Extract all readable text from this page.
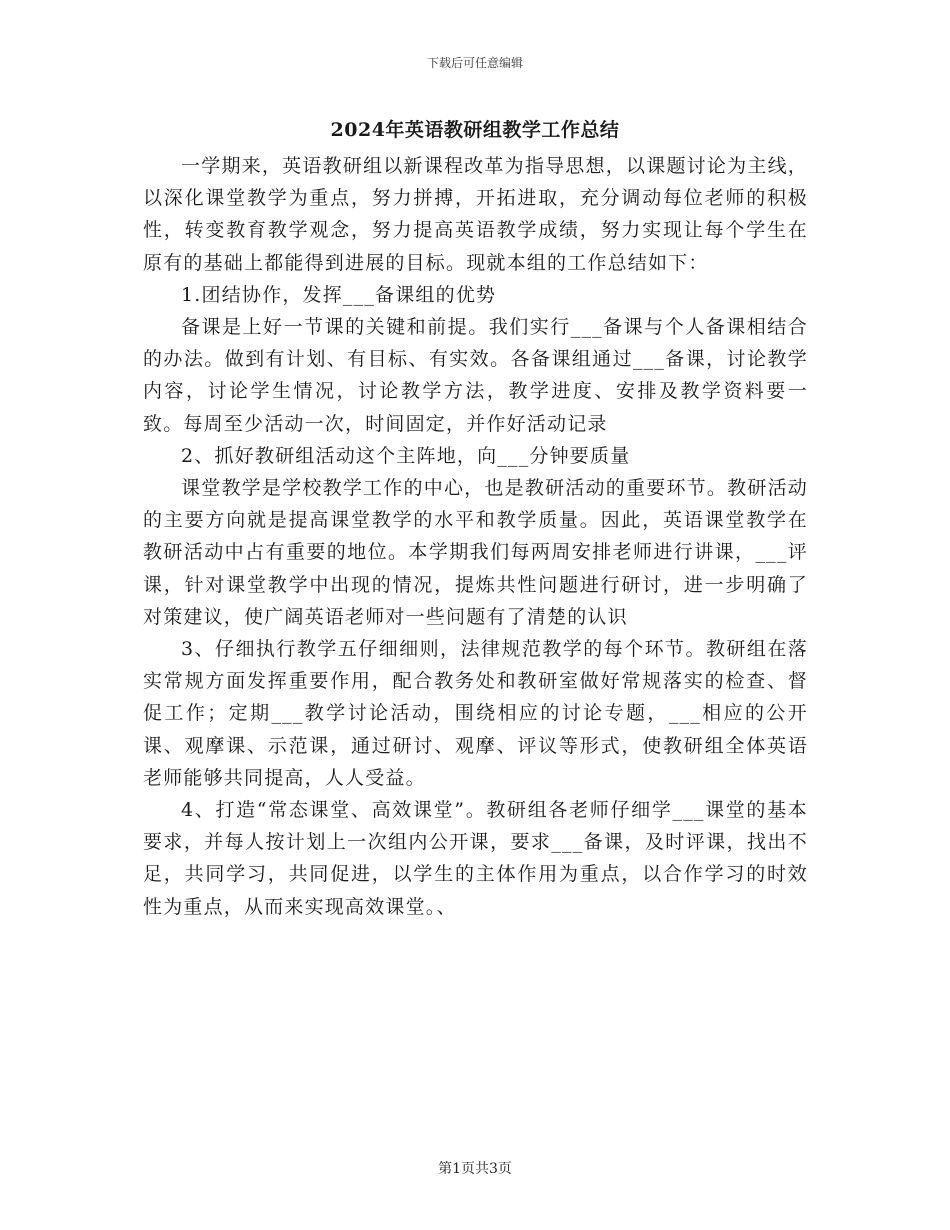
下载后可任意编辑
2024年英语教研组教学工作总结

一学期来，英语教研组以新课程改革为指导思想，以课题讨论为主线，以深化课堂教学为重点，努力拼搏，开拓进取，充分调动每位老师的积极性，转变教育教学观念，努力提高英语教学成绩，努力实现让每个学生在原有的基础上都能得到进展的目标。现就本组的工作总结如下：

1.团结协作，发挥___备课组的优势

备课是上好一节课的关键和前提。我们实行___备课与个人备课相结合的办法。做到有计划、有目标、有实效。各备课组通过___备课，讨论教学内容，讨论学生情况，讨论教学方法，教学进度、安排及教学资料要一致。每周至少活动一次，时间固定，并作好活动记录

2、抓好教研组活动这个主阵地，向___分钟要质量

课堂教学是学校教学工作的中心，也是教研活动的重要环节。教研活动的主要方向就是提高课堂教学的水平和教学质量。因此，英语课堂教学在教研活动中占有重要的地位。本学期我们每两周安排老师进行讲课，___评课，针对课堂教学中出现的情况，提炼共性问题进行研讨，进一步明确了对策建议，使广阔英语老师对一些问题有了清楚的认识

3、仔细执行教学五仔细细则，法律规范教学的每个环节。教研组在落实常规方面发挥重要作用，配合教务处和教研室做好常规落实的检查、督促工作；定期___教学讨论活动，围绕相应的讨论专题，___相应的公开课、观摩课、示范课，通过研讨、观摩、评议等形式，使教研组全体英语老师能够共同提高，人人受益。

4、打造“常态课堂、高效课堂”。教研组各老师仔细学___课堂的基本要求，并每人按计划上一次组内公开课，要求___备课，及时评课，找出不足，共同学习，共同促进，以学生的主体作用为重点，以合作学习的时效性为重点，从而来实现高效课堂。、

第1页共3页
